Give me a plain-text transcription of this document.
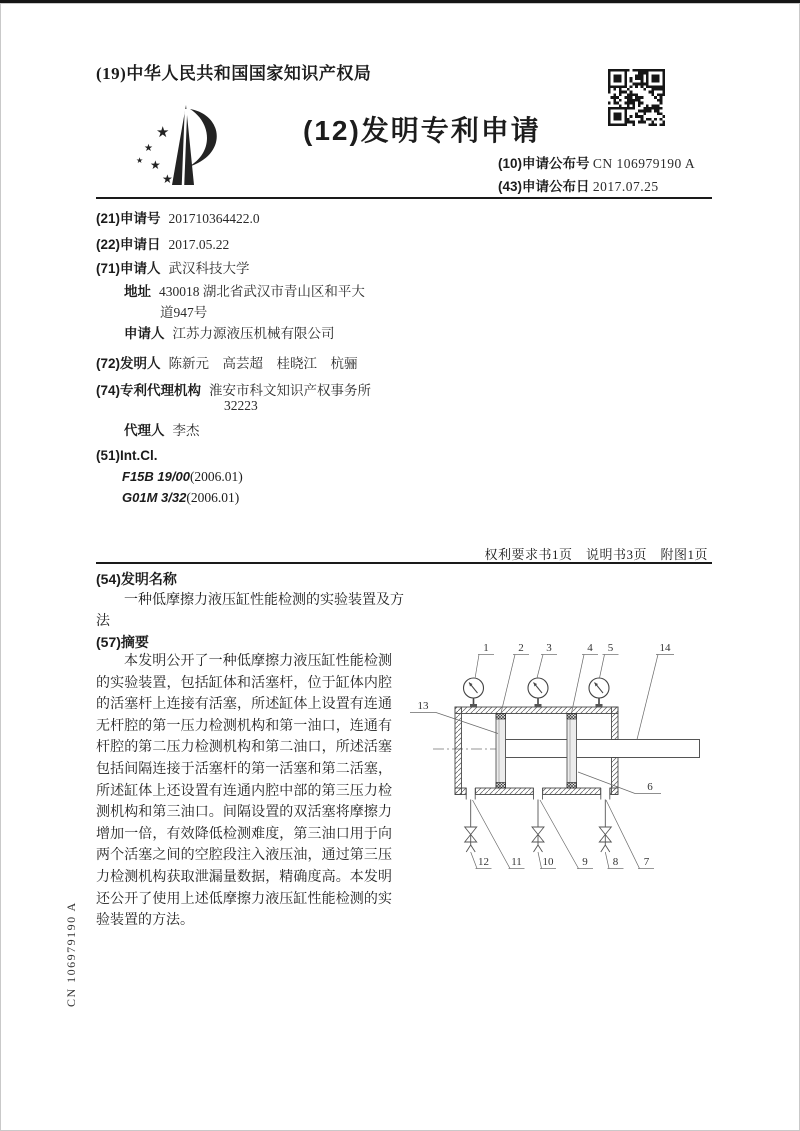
(19)中华人民共和国国家知识产权局
★
★
★ ★
★
(12)发明专利申请
(10)申请公布号 CN 106979190 A
(43)申请公布日 2017.07.25
(21)申请号 201710364422.0
(22)申请日 2017.05.22
(71)申请人 武汉科技大学
地址 430018 湖北省武汉市青山区和平大
道947号
申请人 江苏力源液压机械有限公司
(72)发明人 陈新元　高芸超　桂晓江　杭骊
(74)专利代理机构 淮安市科文知识产权事务所
32223
代理人 李杰
(51)Int.Cl.
F15B 19/00(2006.01)
G01M 3/32(2006.01)
权利要求书1页　说明书3页　附图1页
(54)发明名称
一种低摩擦力液压缸性能检测的实验装置及方法
(57)摘要
本发明公开了一种低摩擦力液压缸性能检测的实验装置，包括缸体和活塞杆，位于缸体内腔的活塞杆上连接有活塞，所述缸体上设置有连通无杆腔的第一压力检测机构和第一油口，连通有杆腔的第二压力检测机构和第二油口，所述活塞包括间隔连接于活塞杆的第一活塞和第二活塞，所述缸体上还设置有连通内腔中部的第三压力检测机构和第三油口。间隔设置的双活塞将摩擦力增加一倍，有效降低检测难度，第三油口用于向两个活塞之间的空腔段注入液压油，通过第三压力检测机构获取泄漏量数据，精确度高。本发明还公开了使用上述低摩擦力液压缸性能检测的实验装置的方法。
1	2 3	4 5	14
13
6
12 11 10	9 8 7
CN 106979190 A
